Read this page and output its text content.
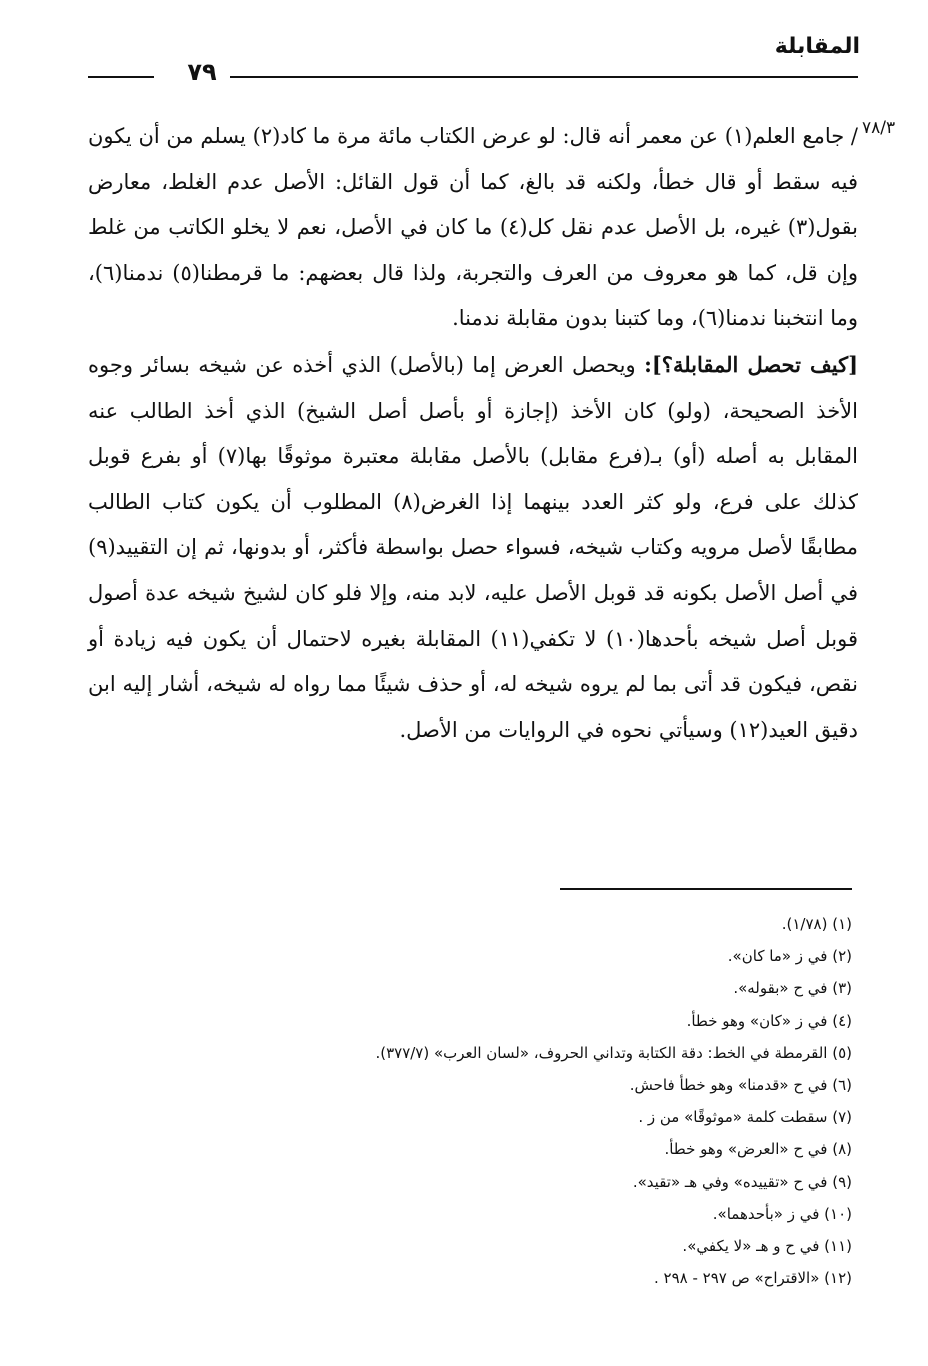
المقابلة
٧٩
٧٨/٣

/ جامع العلم(١) عن معمر أنه قال: لو عرض الكتاب مائة مرة ما كاد(٢) يسلم من أن يكون فيه سقط أو قال خطأ، ولكنه قد بالغ، كما أن قول القائل: الأصل عدم الغلط، معارض بقول(٣) غيره، بل الأصل عدم نقل كل(٤) ما كان في الأصل، نعم لا يخلو الكاتب من غلط وإن قل، كما هو معروف من العرف والتجربة، ولذا قال بعضهم: ما قرمطنا(٥) ندمنا(٦)، وما انتخبنا ندمنا(٦)، وما كتبنا بدون مقابلة ندمنا.

[كيف تحصل المقابلة؟]: ويحصل العرض إما (بالأصل) الذي أخذه عن شيخه بسائر وجوه الأخذ الصحيحة، (ولو) كان الأخذ (إجازة أو بأصل أصل الشيخ) الذي أخذ الطالب عنه المقابل به أصله (أو) بـ(فرع مقابل) بالأصل مقابلة معتبرة موثوقًا بها(٧) أو بفرع قوبل كذلك على فرع، ولو كثر العدد بينهما إذا الغرض(٨) المطلوب أن يكون كتاب الطالب مطابقًا لأصل مرويه وكتاب شيخه، فسواء حصل بواسطة فأكثر، أو بدونها، ثم إن التقييد(٩) في أصل الأصل بكونه قد قوبل الأصل عليه، لابد منه، وإلا فلو كان لشيخ شيخه عدة أصول قوبل أصل شيخه بأحدها(١٠) لا تكفي(١١) المقابلة بغيره لاحتمال أن يكون فيه زيادة أو نقص، فيكون قد أتى بما لم يروه شيخه له، أو حذف شيئًا مما رواه له شيخه، أشار إليه ابن دقيق العيد(١٢) وسيأتي نحوه في الروايات من الأصل.

(١) (١/٧٨).
(٢) في ز «ما كان».
(٣) في ح «بقوله».
(٤) في ز «كان» وهو خطأ.
(٥) القرمطة في الخط: دقة الكتابة وتداني الحروف، «لسان العرب» (٣٧٧/٧).
(٦) في ح «قدمنا» وهو خطأ فاحش.
(٧) سقطت كلمة «موثوقًا» من ز .
(٨) في ح «العرض» وهو خطأ.
(٩) في ح «تقييده» وفي هـ «تقيد».
(١٠) في ز «بأحدهما».
(١١) في ح و هـ «لا يكفي».
(١٢) «الاقتراح» ص ٢٩٧ - ٢٩٨ .
